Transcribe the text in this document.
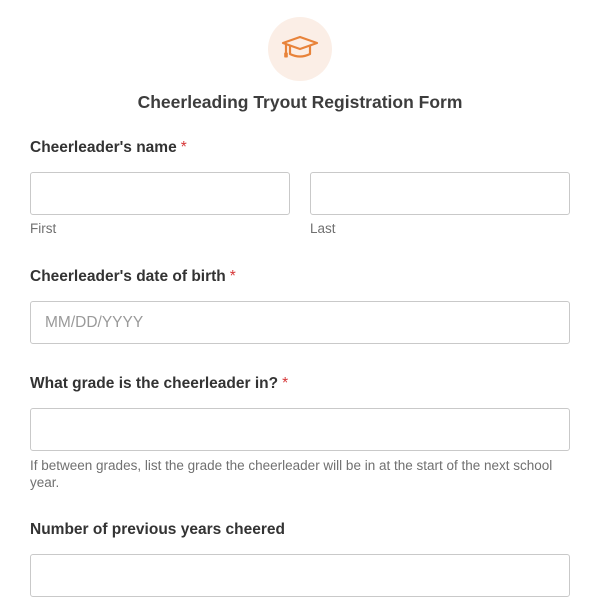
Cheerleading Tryout Registration Form
Cheerleader's name *
First	Last
Cheerleader's date of birth *
MM/DD/YYYY
What grade is the cheerleader in? *
If between grades, list the grade the cheerleader will be in at the start of the next school year.
Number of previous years cheered
